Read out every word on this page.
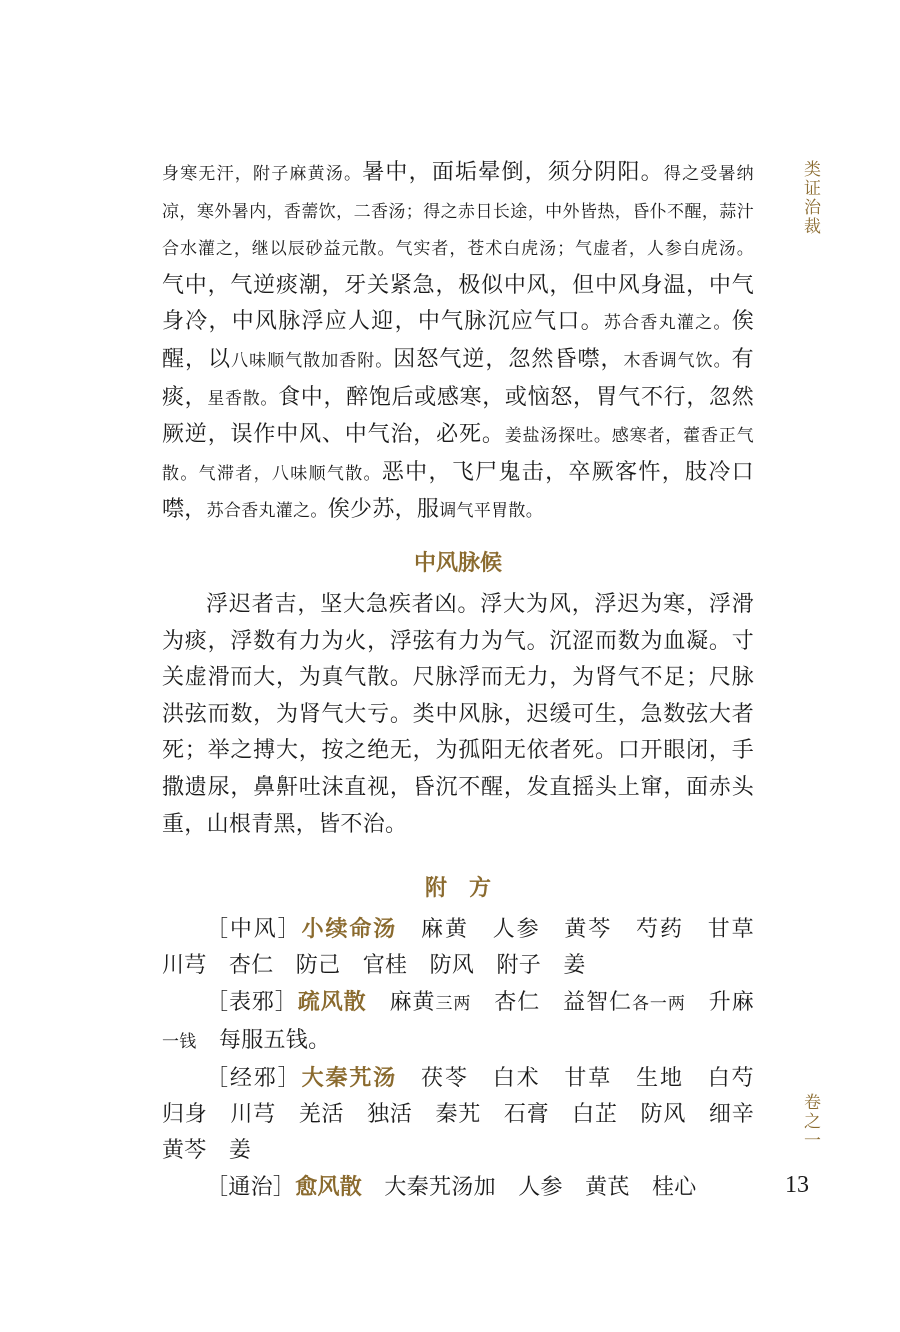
类证治裁
卷之一
13

身寒无汗，附子麻黄汤。暑中，面垢晕倒，须分阴阳。得之受暑纳凉，寒外暑内，香薷饮，二香汤；得之赤日长途，中外皆热，昏仆不醒，蒜汁合水灌之，继以辰砂益元散。气实者，苍术白虎汤；气虚者，人参白虎汤。气中，气逆痰潮，牙关紧急，极似中风，但中风身温，中气身冷，中风脉浮应人迎，中气脉沉应气口。苏合香丸灌之。俟醒，以八味顺气散加香附。因怒气逆，忽然昏噤，木香调气饮。有痰，星香散。食中，醉饱后或感寒，或恼怒，胃气不行，忽然厥逆，误作中风、中气治，必死。姜盐汤探吐。感寒者，藿香正气散。气滞者，八味顺气散。恶中，飞尸鬼击，卒厥客忤，肢冷口噤，苏合香丸灌之。俟少苏，服调气平胃散。

中风脉候

浮迟者吉，坚大急疾者凶。浮大为风，浮迟为寒，浮滑为痰，浮数有力为火，浮弦有力为气。沉涩而数为血凝。寸关虚滑而大，为真气散。尺脉浮而无力，为肾气不足；尺脉洪弦而数，为肾气大亏。类中风脉，迟缓可生，急数弦大者死；举之搏大，按之绝无，为孤阳无依者死。口开眼闭，手撒遗尿，鼻鼾吐沫直视，昏沉不醒，发直摇头上窜，面赤头重，山根青黑，皆不治。

附　方

［中风］小续命汤　麻黄　人参　黄芩　芍药　甘草　川芎　杏仁　防己　官桂　防风　附子　姜

［表邪］疏风散　麻黄三两　杏仁　益智仁各一两　升麻一钱　每服五钱。

［经邪］大秦艽汤　茯苓　白术　甘草　生地　白芍　归身　川芎　羌活　独活　秦艽　石膏　白芷　防风　细辛　黄芩　姜

［通治］愈风散　大秦艽汤加　人参　黄芪　桂心
